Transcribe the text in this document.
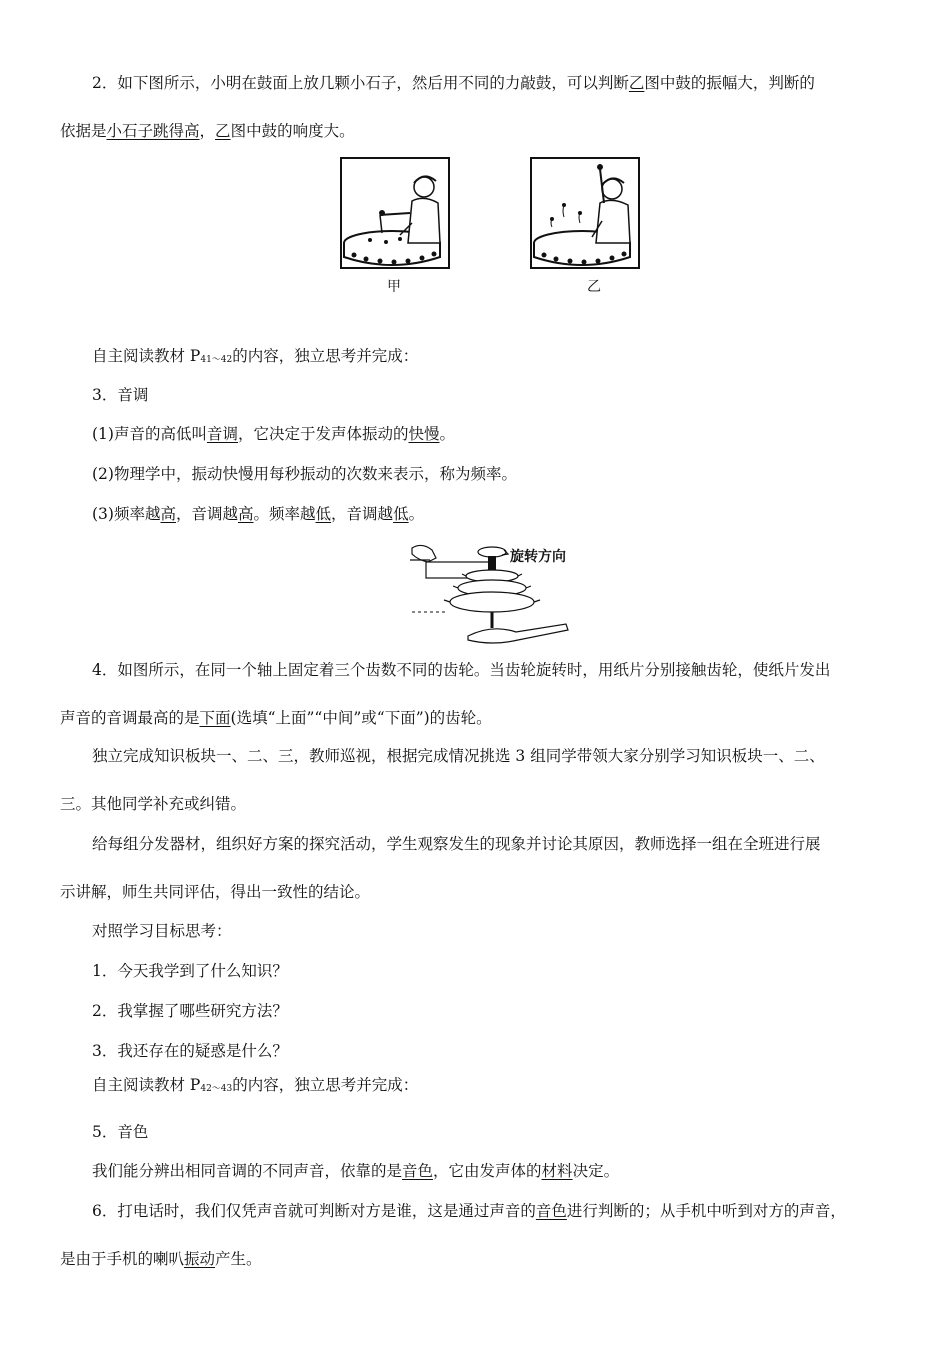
2．如下图所示，小明在鼓面上放几颗小石子，然后用不同的力敲鼓，可以判断乙图中鼓的振幅大，判断的
依据是小石子跳得高，乙图中鼓的响度大。
甲	乙
自主阅读教材 P41～42的内容，独立思考并完成：
3．音调
(1)声音的高低叫音调，它决定于发声体振动的快慢。
(2)物理学中，振动快慢用每秒振动的次数来表示，称为频率。
(3)频率越高，音调越高。频率越低，音调越低。
旋转方向
4．如图所示，在同一个轴上固定着三个齿数不同的齿轮。当齿轮旋转时，用纸片分别接触齿轮，使纸片发出
声音的音调最高的是下面(选填“上面”“中间”或“下面”)的齿轮。
独立完成知识板块一、二、三，教师巡视，根据完成情况挑选 3 组同学带领大家分别学习知识板块一、二、
三。其他同学补充或纠错。
给每组分发器材，组织好方案的探究活动，学生观察发生的现象并讨论其原因，教师选择一组在全班进行展
示讲解，师生共同评估，得出一致性的结论。
对照学习目标思考：
1．今天我学到了什么知识？
2．我掌握了哪些研究方法？
3．我还存在的疑惑是什么？
自主阅读教材 P42～43的内容，独立思考并完成：
5．音色
我们能分辨出相同音调的不同声音，依靠的是音色，它由发声体的材料决定。
6．打电话时，我们仅凭声音就可判断对方是谁，这是通过声音的音色进行判断的；从手机中听到对方的声音，
是由于手机的喇叭振动产生。
